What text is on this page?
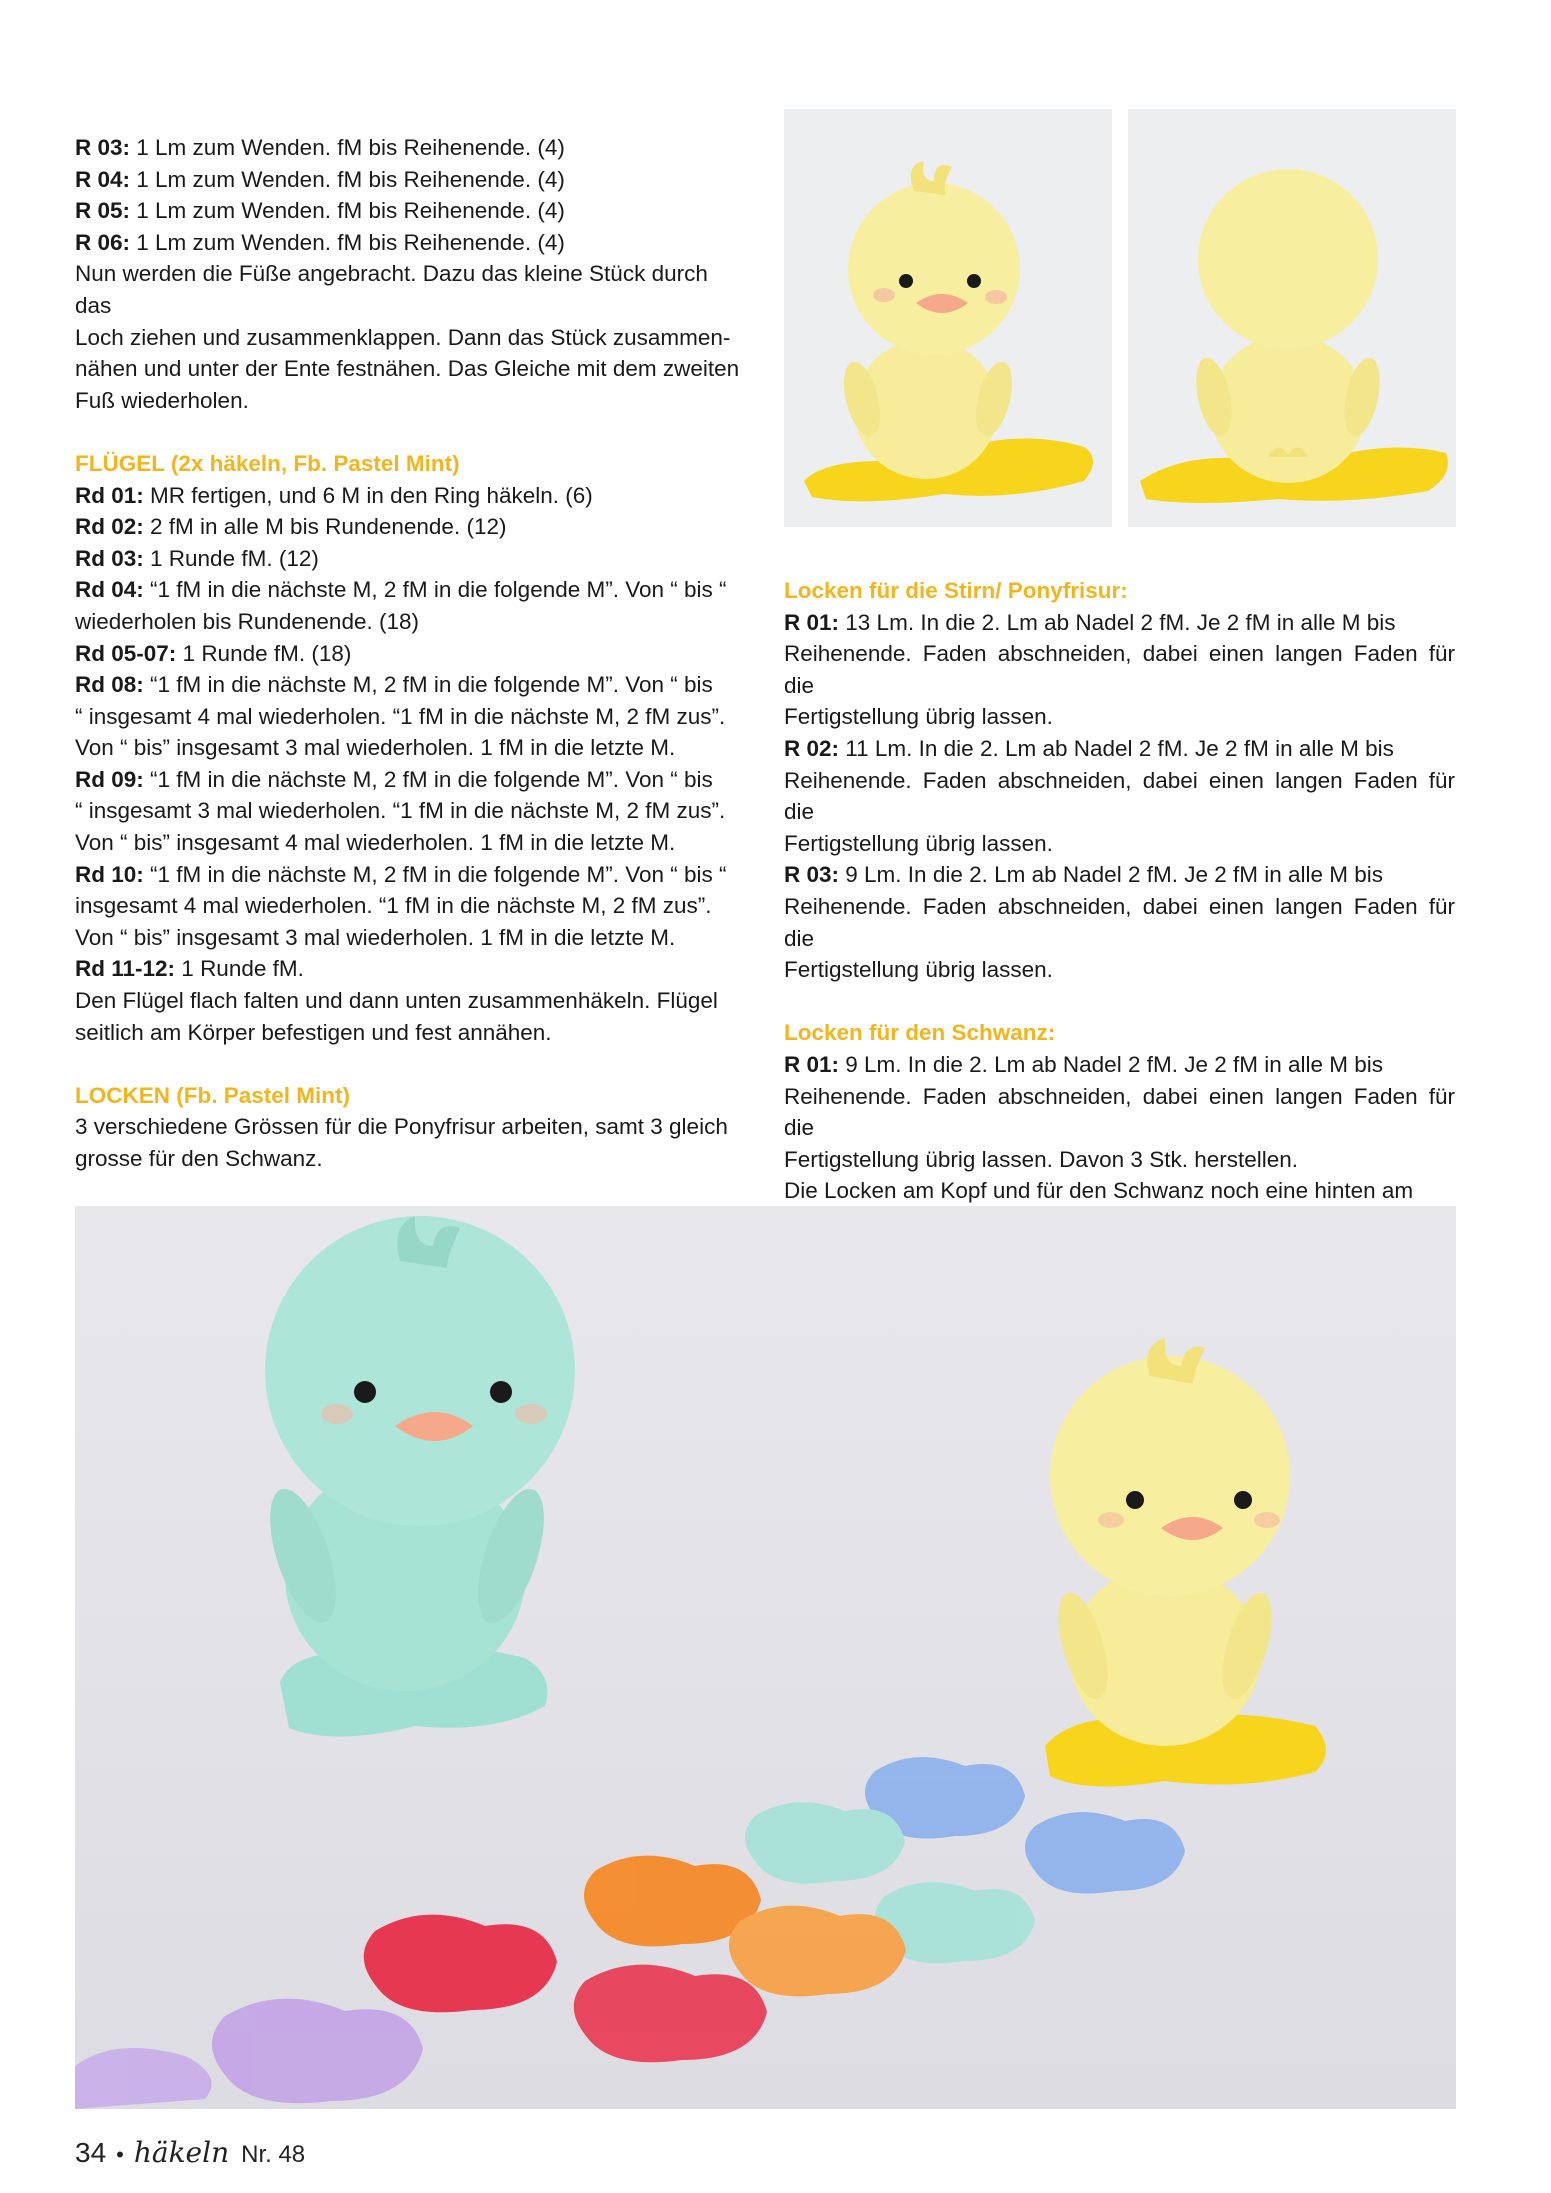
R 03: 1 Lm zum Wenden. fM bis Reihenende. (4)

R 04: 1 Lm zum Wenden. fM bis Reihenende. (4)

R 05: 1 Lm zum Wenden. fM bis Reihenende. (4)

R 06: 1 Lm zum Wenden. fM bis Reihenende. (4)

Nun werden die Füße angebracht. Dazu das kleine Stück durch das

Loch ziehen und zusammenklappen. Dann das Stück zusammen-

nähen und unter der Ente festnähen. Das Gleiche mit dem zweiten

Fuß wiederholen.

FLÜGEL (2x häkeln, Fb. Pastel Mint)

Rd 01: MR fertigen, und 6 M in den Ring häkeln. (6)

Rd 02: 2 fM in alle M bis Rundenende. (12)

Rd 03: 1 Runde fM. (12)

Rd 04: “1 fM in die nächste M, 2 fM in die folgende M”. Von “ bis “

wiederholen bis Rundenende. (18)

Rd 05-07: 1 Runde fM. (18)

Rd 08: “1 fM in die nächste M, 2 fM in die folgende M”. Von “ bis

“ insgesamt 4 mal wiederholen. “1 fM in die nächste M, 2 fM zus”.

Von “ bis” insgesamt 3 mal wiederholen. 1 fM in die letzte M.

Rd 09: “1 fM in die nächste M, 2 fM in die folgende M”. Von “ bis

“ insgesamt 3 mal wiederholen. “1 fM in die nächste M, 2 fM zus”.

Von “ bis” insgesamt 4 mal wiederholen. 1 fM in die letzte M.

Rd 10: “1 fM in die nächste M, 2 fM in die folgende M”. Von “ bis “

insgesamt 4 mal wiederholen. “1 fM in die nächste M, 2 fM zus”.

Von “ bis” insgesamt 3 mal wiederholen. 1 fM in die letzte M.

Rd 11-12: 1 Runde fM.

Den Flügel flach falten und dann unten zusammenhäkeln. Flügel

seitlich am Körper befestigen und fest annähen.

LOCKEN (Fb. Pastel Mint)

3 verschiedene Grössen für die Ponyfrisur arbeiten, samt 3 gleich

grosse für den Schwanz.

Locken für die Stirn/ Ponyfrisur:

R 01: 13 Lm. In die 2. Lm ab Nadel 2 fM. Je 2 fM in alle M bis

Reihenende. Faden abschneiden, dabei einen langen Faden für die

Fertigstellung übrig lassen.

R 02: 11 Lm. In die 2. Lm ab Nadel 2 fM. Je 2 fM in alle M bis

Reihenende. Faden abschneiden, dabei einen langen Faden für die

Fertigstellung übrig lassen.

R 03: 9 Lm. In die 2. Lm ab Nadel 2 fM. Je 2 fM in alle M bis

Reihenende. Faden abschneiden, dabei einen langen Faden für die

Fertigstellung übrig lassen.

Locken für den Schwanz:

R 01: 9 Lm. In die 2. Lm ab Nadel 2 fM. Je 2 fM in alle M bis

Reihenende. Faden abschneiden, dabei einen langen Faden für die

Fertigstellung übrig lassen. Davon 3 Stk. herstellen.

Die Locken am Kopf und für den Schwanz noch eine hinten am

34 • häkeln Nr. 48
